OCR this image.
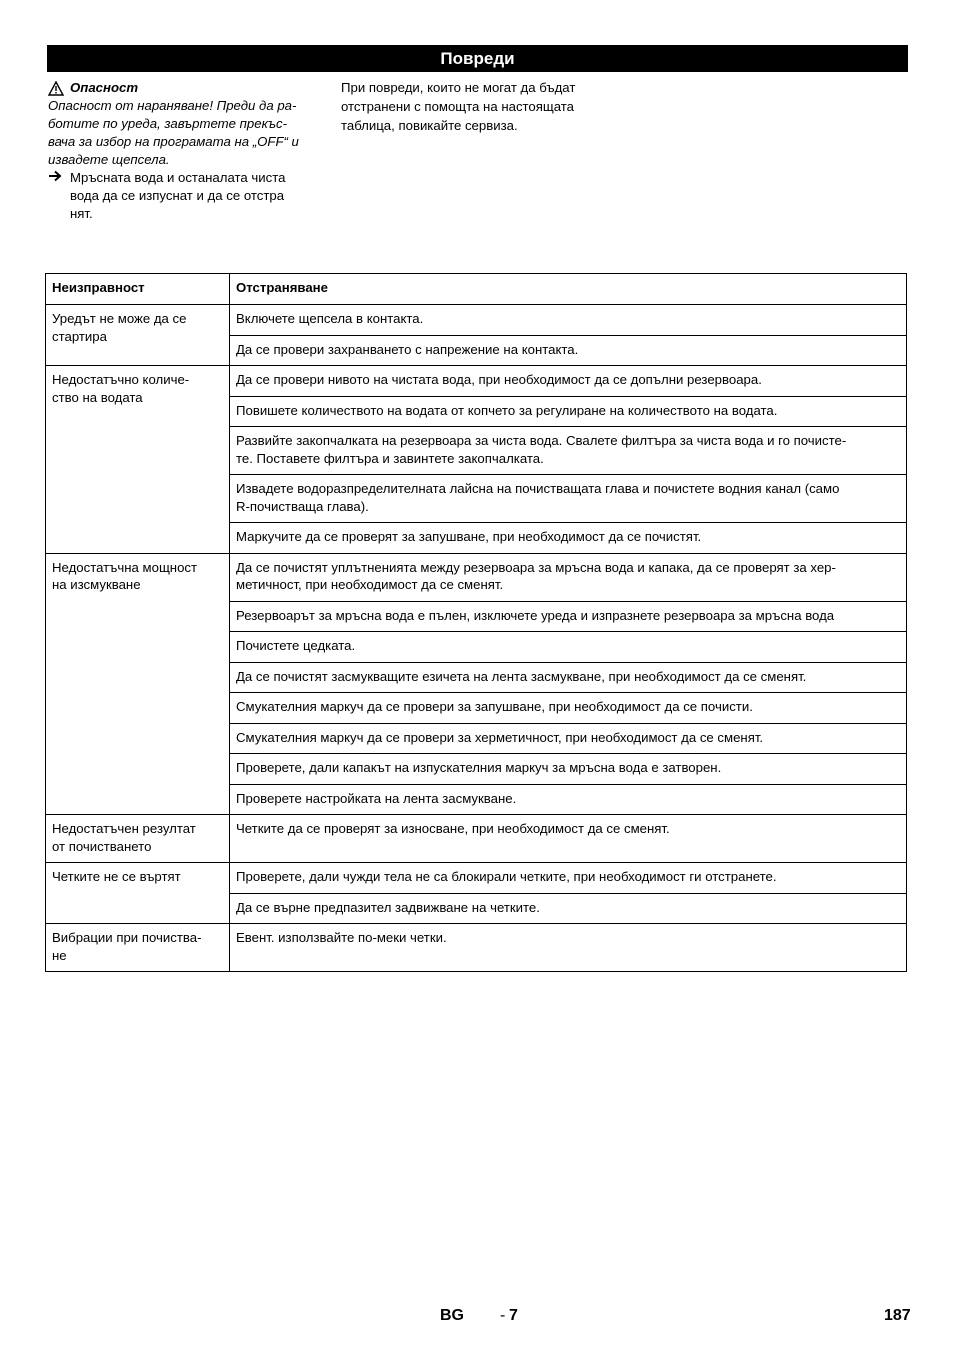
Повреди
Опасност
Опасност от нараняване! Преди да ра-
ботите по уреда, завъртете прекъс-
вача за избор на програмата на „OFF“ и
извадете щепсела.
Мръсната вода и останалата чиста
вода да се изпуснат и да се отстра
нят.
При повреди, които не могат да бъдат
отстранени с помощта на настоящата
таблица, повикайте сервиза.
Неизправност	Отстраняване
Уредът не може да се
стартира	Включете щепсела в контакта.
	Да се провери захранването с напрежение на контакта.
Недостатъчно количе-
ство на водата	Да се провери нивото на чистата вода, при необходимост да се допълни резервоара.
	Повишете количеството на водата от копчето за регулиране на количеството на водата.
	Развийте закопчалката на резервоара за чиста вода. Свалете филтъра за чиста вода и го почисте-
те. Поставете филтъра и завинтете закопчалката.
	Извадете водоразпределителната лайсна на почистващата глава и почистете водния канал (само
R-почистваща глава).
	Маркучите да се проверят за запушване, при необходимост да се почистят.
Недостатъчна мощност
на изсмукване	Да се почистят уплътненията между резервоара за мръсна вода и капака, да се проверят за хер-
метичност, при необходимост да се сменят.
	Резервоарът за мръсна вода е пълен, изключете уреда и изпразнете резервоара за мръсна вода
	Почистете цедката.
	Да се почистят засмукващите езичета на лента засмукване, при необходимост да се сменят.
	Смукателния маркуч да се провери за запушване, при необходимост да се почисти.
	Смукателния маркуч да се провери за херметичност, при необходимост да се сменят.
	Проверете, дали капакът на изпускателния маркуч за мръсна вода е затворен.
	Проверете настройката на лента засмукване.
Недостатъчен резултат
от почистването	Четките да се проверят за износване, при необходимост да се сменят.
Четките не се въртят	Проверете, дали чужди тела не са блокирали четките, при необходимост ги отстранете.
	Да се върне предпазител задвижване на четките.
Вибрации при почиства-
не	Евент. използвайте по-меки четки.
BG - 7	187
